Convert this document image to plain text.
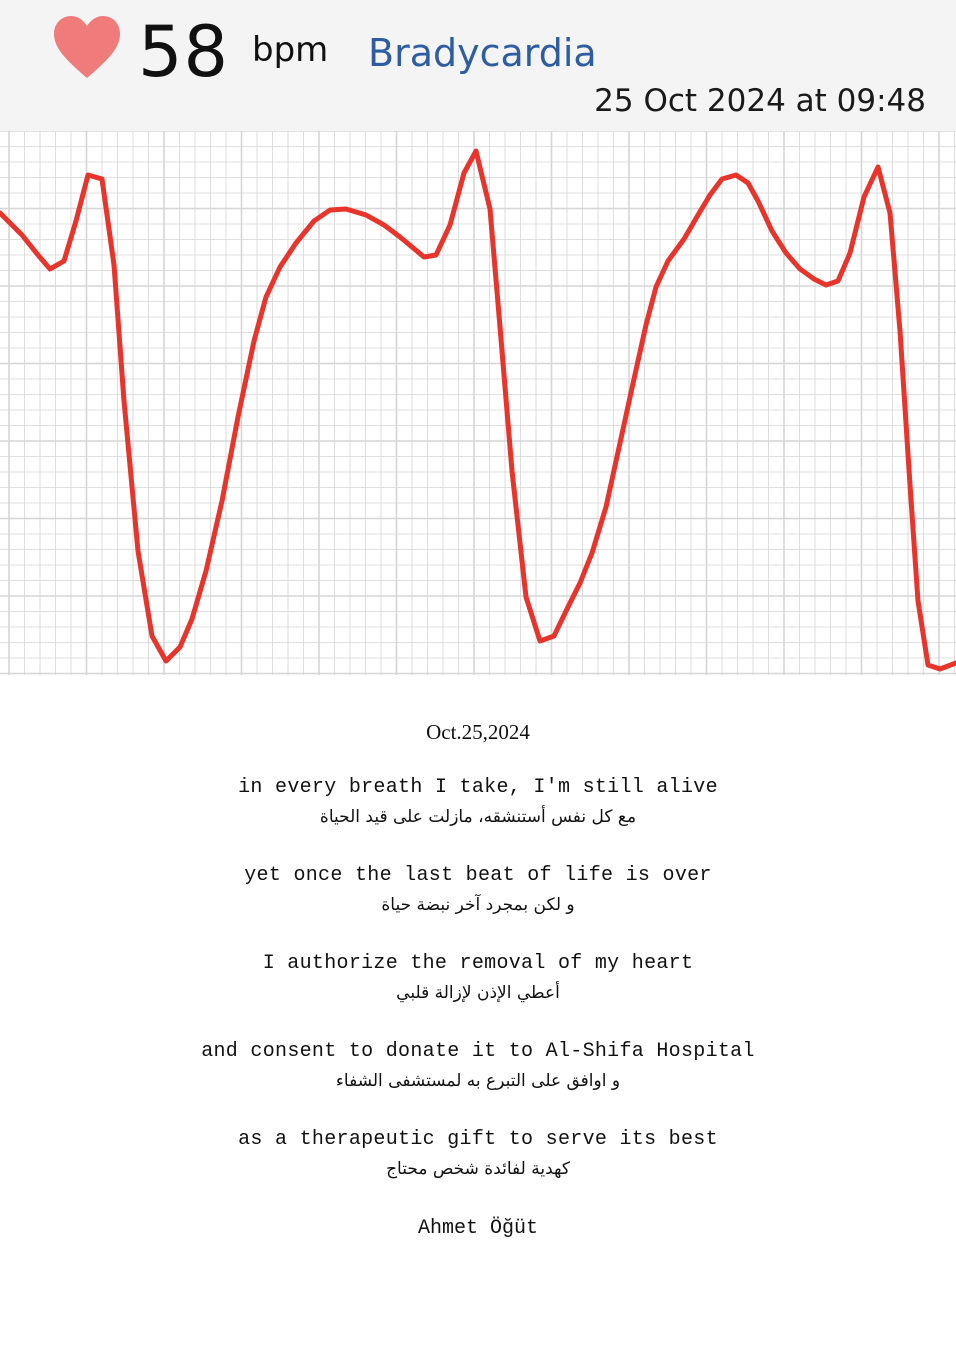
58 bpm Bradycardia
25 Oct 2024 at 09:48
Oct.25,2024
in every breath I take, I'm still alive
مع كل نفس أستنشقه، مازلت على قيد الحياة
yet once the last beat of life is over
و لكن بمجرد آخر نبضة حياة
I authorize the removal of my heart
أعطي الإذن لإزالة قلبي
and consent to donate it to Al-Shifa Hospital
و اوافق على التبرع به لمستشفى الشفاء
as a therapeutic gift to serve its best
كهدية لفائدة شخص محتاج
Ahmet Öğüt
